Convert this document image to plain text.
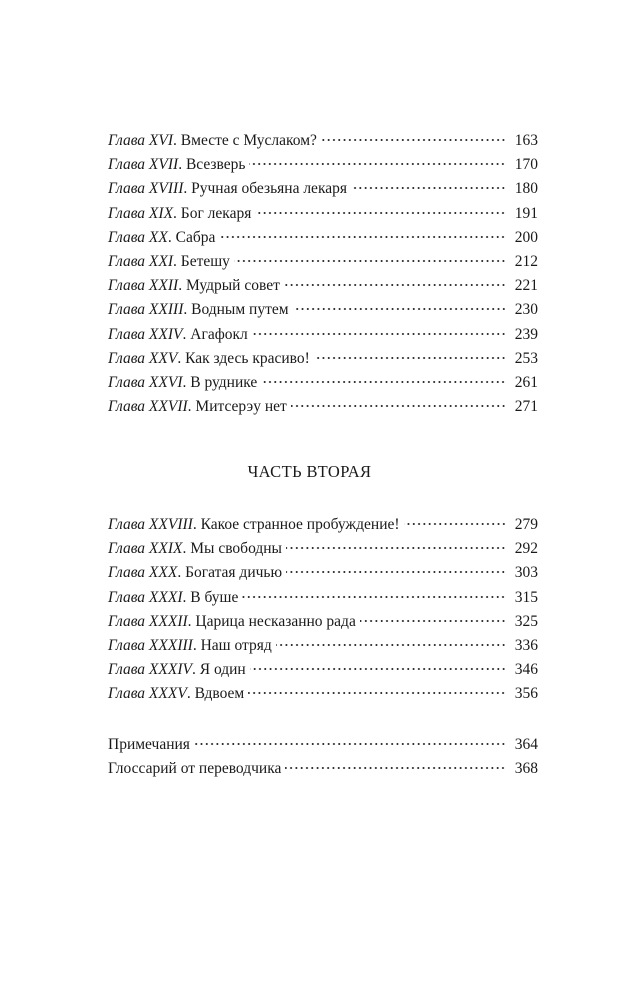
Глава XVI . Вместе с Муслаком?	163
Глава XVII . Всезверь	170
Глава XVIII . Ручная обезьяна лекаря	180
Глава XIX . Бог лекаря	191
Глава XX . Сабра	200
Глава XXI . Бетешу	212
Глава XXII . Мудрый совет	221
Глава XXIII . Водным путем	230
Глава XXIV . Агафокл	239
Глава XXV . Как здесь красиво!	253
Глава XXVI . В руднике	261
Глава XXVII . Митсерэу нет	271
ЧАСТЬ ВТОРАЯ
Глава XXVIII . Какое странное пробуждение!	279
Глава XXIX . Мы свободны	292
Глава XXX . Богатая дичью	303
Глава XXXI . В буше	315
Глава XXXII . Царица несказанно рада	325
Глава XXXIII . Наш отряд	336
Глава XXXIV . Я один	346
Глава XXXV . Вдвоем	356
Примечания	364
Глоссарий от переводчика	368
